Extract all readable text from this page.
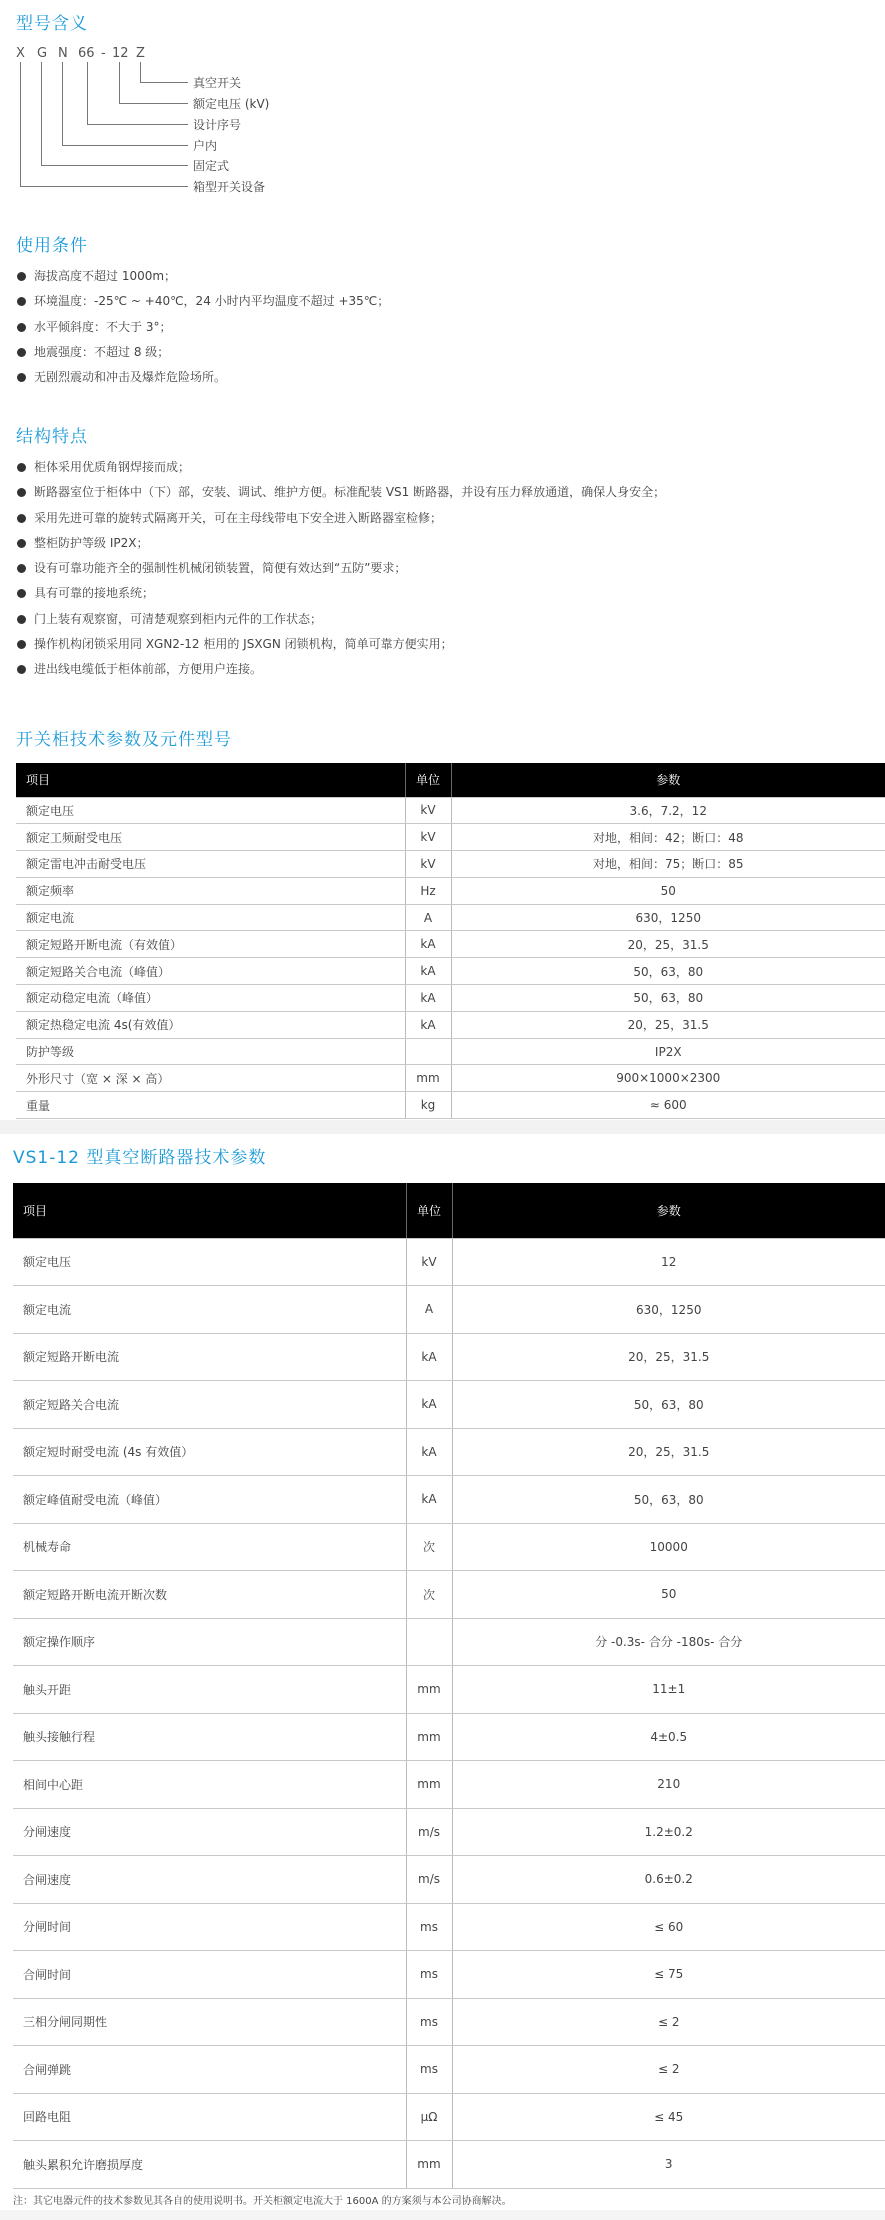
型号含义
X G N 66 - 12 Z
真空开关
额定电压 (kV)
设计序号
户内
固定式
箱型开关设备
使用条件
海拔高度不超过 1000m；
环境温度：-25℃ ~ +40℃，24 小时内平均温度不超过 +35℃；
水平倾斜度：不大于 3°；
地震强度：不超过 8 级；
无剧烈震动和冲击及爆炸危险场所。
结构特点
柜体采用优质角钢焊接而成；
断路器室位于柜体中（下）部，安装、调试、维护方便。标准配装 VS1 断路器，并设有压力释放通道，确保人身安全；
采用先进可靠的旋转式隔离开关，可在主母线带电下安全进入断路器室检修；
整柜防护等级 IP2X；
设有可靠功能齐全的强制性机械闭锁装置，简便有效达到“五防”要求；
具有可靠的接地系统；
门上装有观察窗，可清楚观察到柜内元件的工作状态；
操作机构闭锁采用同 XGN2-12 柜用的 JSXGN 闭锁机构，简单可靠方便实用；
进出线电缆低于柜体前部，方便用户连接。
开关柜技术参数及元件型号
项目	单位	参数
额定电压	kV	3.6，7.2，12
额定工频耐受电压	kV	对地，相间：42；断口：48
额定雷电冲击耐受电压	kV	对地，相间：75；断口：85
额定频率	Hz	50
额定电流	A	630，1250
额定短路开断电流（有效值）	kA	20，25，31.5
额定短路关合电流（峰值）	kA	50，63，80
额定动稳定电流（峰值）	kA	50，63，80
额定热稳定电流 4s(有效值）	kA	20，25，31.5
防护等级		IP2X
外形尺寸（宽 × 深 × 高）	mm	900×1000×2300
重量	kg	≈ 600
VS1-12 型真空断路器技术参数
项目	单位	参数
额定电压	kV	12
额定电流	A	630，1250
额定短路开断电流	kA	20，25，31.5
额定短路关合电流	kA	50，63，80
额定短时耐受电流 (4s 有效值）	kA	20，25，31.5
额定峰值耐受电流（峰值）	kA	50，63，80
机械寿命	次	10000
额定短路开断电流开断次数	次	50
额定操作顺序		分 -0.3s- 合分 -180s- 合分
触头开距	mm	11±1
触头接触行程	mm	4±0.5
相间中心距	mm	210
分闸速度	m/s	1.2±0.2
合闸速度	m/s	0.6±0.2
分闸时间	ms	≤ 60
合闸时间	ms	≤ 75
三相分闸同期性	ms	≤ 2
合闸弹跳	ms	≤ 2
回路电阻	μΩ	≤ 45
触头累积允许磨损厚度	mm	3
注：其它电器元件的技术参数见其各自的使用说明书。开关柜额定电流大于 1600A 的方案须与本公司协商解决。
